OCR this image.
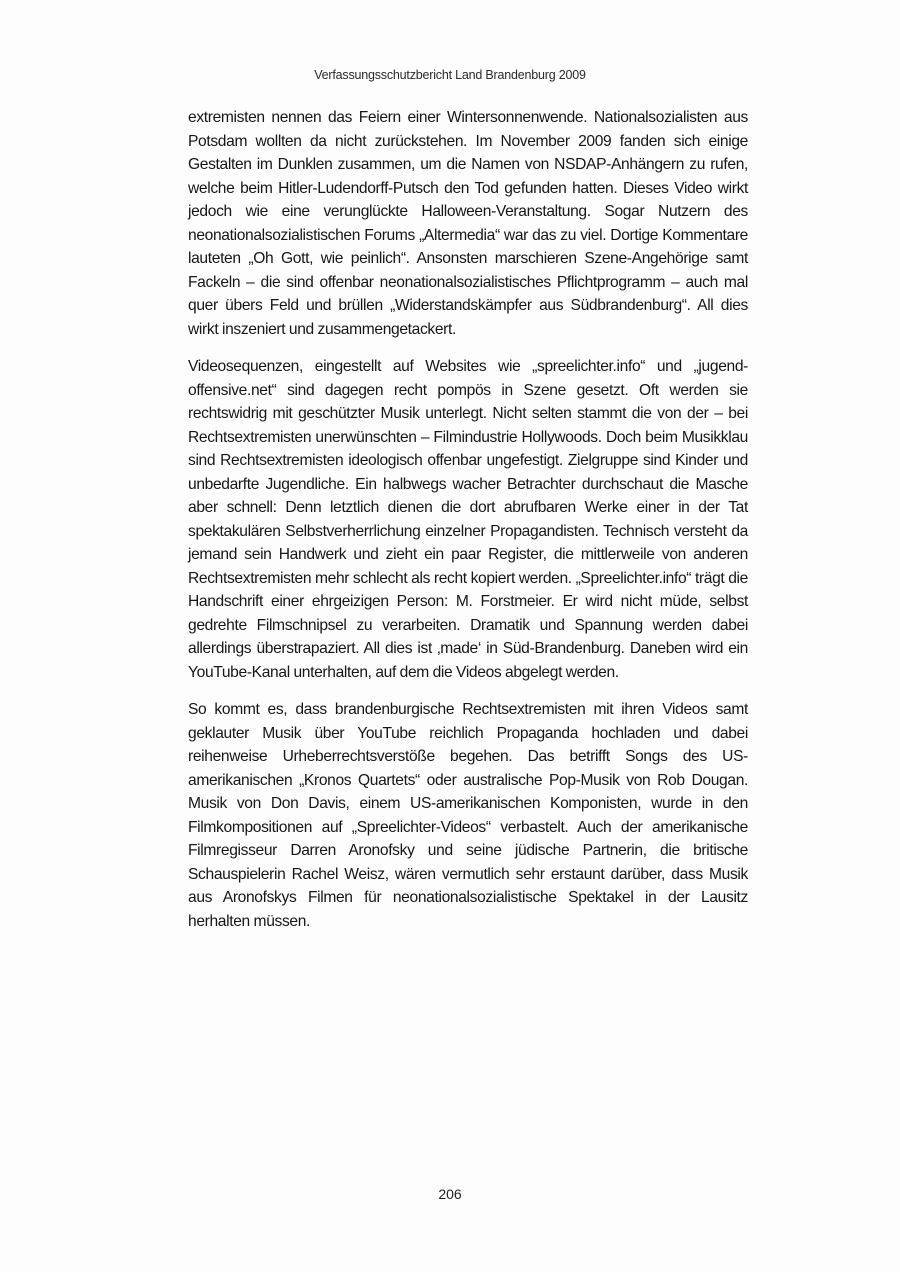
Verfassungsschutzbericht Land Brandenburg 2009

extremisten nennen das Feiern einer Wintersonnenwende. Nationalsozialisten aus Potsdam wollten da nicht zurückstehen. Im November 2009 fanden sich einige Gestalten im Dunklen zusammen, um die Namen von NSDAP-Anhängern zu rufen, welche beim Hitler-Ludendorff-Putsch den Tod gefunden hatten. Dieses Video wirkt jedoch wie eine verunglückte Halloween-Veranstaltung. Sogar Nutzern des neonationalsozialistischen Forums „Altermedia“ war das zu viel. Dortige Kommentare lauteten „Oh Gott, wie peinlich“. Ansonsten marschieren Szene-Angehörige samt Fackeln – die sind offenbar neonationalsozialistisches Pflichtprogramm – auch mal quer übers Feld und brüllen „Widerstandskämpfer aus Südbrandenburg“. All dies wirkt inszeniert und zusammengetackert.

Videosequenzen, eingestellt auf Websites wie „spreelichter.info“ und „jugend-offensive.net“ sind dagegen recht pompös in Szene gesetzt. Oft werden sie rechtswidrig mit geschützter Musik unterlegt. Nicht selten stammt die von der – bei Rechtsextremisten unerwünschten – Filmindustrie Hollywoods. Doch beim Musikklau sind Rechtsextremisten ideologisch offenbar ungefestigt. Zielgruppe sind Kinder und unbedarfte Jugendliche. Ein halbwegs wacher Betrachter durchschaut die Masche aber schnell: Denn letztlich dienen die dort abrufbaren Werke einer in der Tat spektakulären Selbstverherrlichung einzelner Propagandisten. Technisch versteht da jemand sein Handwerk und zieht ein paar Register, die mittlerweile von anderen Rechtsextremisten mehr schlecht als recht kopiert werden. „Spreelichter.info“ trägt die Handschrift einer ehrgeizigen Person: M. Forstmeier. Er wird nicht müde, selbst gedrehte Filmschnipsel zu verarbeiten. Dramatik und Spannung werden dabei allerdings überstrapaziert. All dies ist ‚made‘ in Süd-Brandenburg. Daneben wird ein YouTube-Kanal unterhalten, auf dem die Videos abgelegt werden.

So kommt es, dass brandenburgische Rechtsextremisten mit ihren Videos samt geklauter Musik über YouTube reichlich Propaganda hochladen und dabei reihenweise Urheberrechtsverstöße begehen. Das betrifft Songs des US-amerikanischen „Kronos Quartets“ oder australische Pop-Musik von Rob Dougan. Musik von Don Davis, einem US-amerikanischen Komponisten, wurde in den Filmkompositionen auf „Spreelichter-Videos“ verbastelt. Auch der amerikanische Filmregisseur Darren Aronofsky und seine jüdische Partnerin, die britische Schauspielerin Rachel Weisz, wären vermutlich sehr erstaunt darüber, dass Musik aus Aronofskys Filmen für neonationalsozialistische Spektakel in der Lausitz herhalten müssen.

206
